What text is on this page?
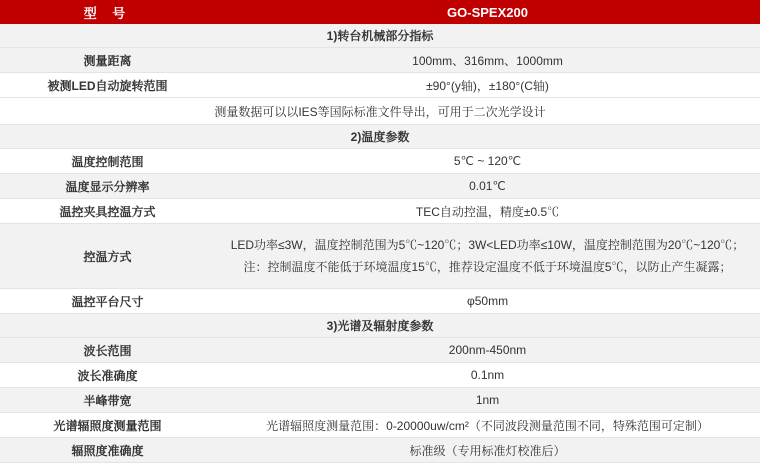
型 号	GO-SPEX200
1)转台机械部分指标	
测量距离	100mm、316mm、1000mm
被测LED自动旋转范围	±90°(y轴)，±180°(C轴)
测量数据可以以IES等国际标准文件导出，可用于二次光学设计	
2)温度参数	
温度控制范围	5℃ ~ 120℃
温度显示分辨率	0.01℃
温控夹具控温方式	TEC自动控温，精度±0.5℃
控温方式	LED功率≤3W，温度控制范围为5℃~120℃；3W<LED功率≤10W，温度控制范围为20℃~120℃；
注：控制温度不能低于环境温度15℃，推荐设定温度不低于环境温度5℃，以防止产生凝露；

温控平台尺寸	φ50mm
3)光谱及辐射度参数	
波长范围	200nm-450nm
波长准确度	0.1nm
半峰带宽	1nm
光谱辐照度测量范围	光谱辐照度测量范围：0-20000uw/cm²（不同波段测量范围不同，特殊范围可定制）
辐照度准确度	标准级（专用标准灯校准后）
